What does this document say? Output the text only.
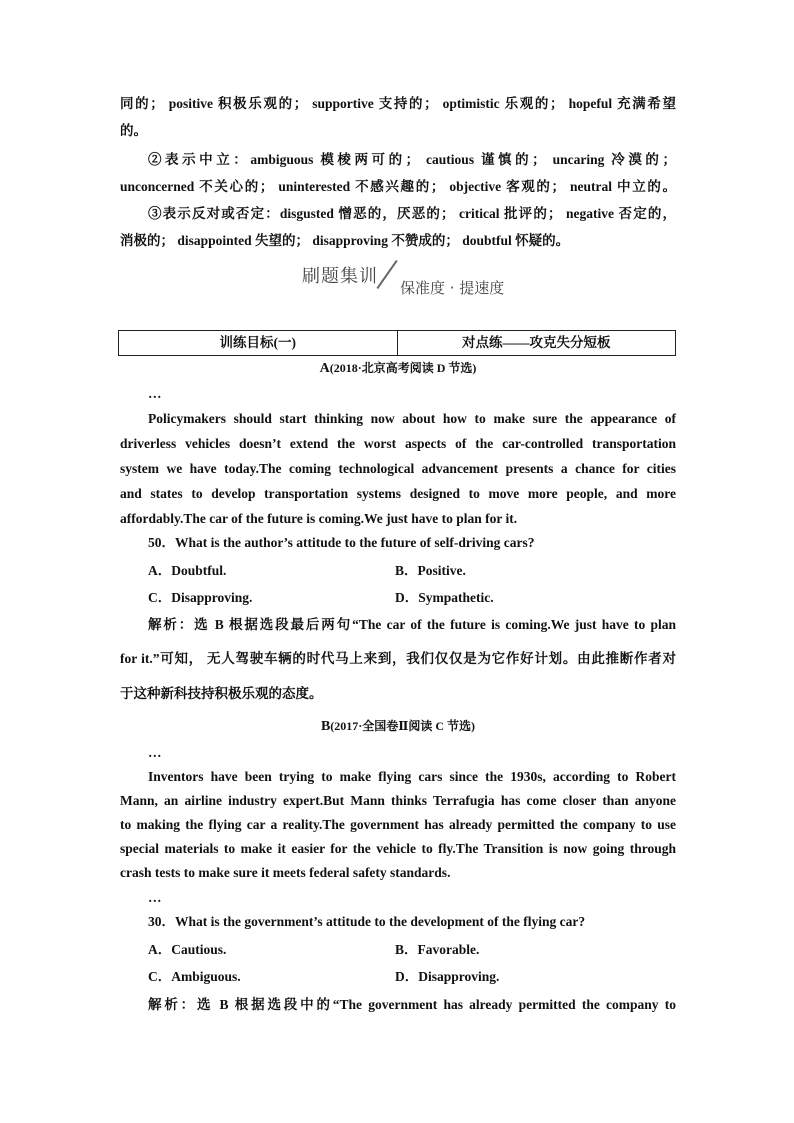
同的； positive 积极乐观的； supportive 支持的； optimistic 乐观的； hopeful 充满希望
的。
②表示中立：ambiguous 模棱两可的； cautious 谨慎的； uncaring 冷漠的；
unconcerned 不关心的； uninterested 不感兴趣的； objective 客观的； neutral 中立的。
③表示反对或否定：disgusted 憎恶的，厌恶的； critical 批评的； negative 否定的，
消极的； disappointed 失望的； disapproving 不赞成的； doubtful 怀疑的。
刷题集训
保准度 · 提速度
训练目标(一)	对点练——攻克失分短板
A(2018·北京高考阅读 D 节选)
…
Policymakers should start thinking now about how to make sure the appearance of
driverless vehicles doesn’t extend the worst aspects of the car-controlled transportation
system we have today.The coming technological advancement presents a chance for cities
and states to develop transportation systems designed to move more people, and more
affordably.The car of the future is coming.We just have to plan for it.
50．What is the author’s attitude to the future of self-driving cars?
A．Doubtful.	B．Positive.
C．Disapproving.	D．Sympathetic.
解析：选 B 根据选段最后两句“The car of the future is coming.We just have to plan
for it.”可知， 无人驾驶车辆的时代马上来到，我们仅仅是为它作好计划。由此推断作者对
于这种新科技持积极乐观的态度。
B(2017·全国卷Ⅱ阅读 C 节选)
…
Inventors have been trying to make flying cars since the 1930s, according to Robert
Mann, an airline industry expert.But Mann thinks Terrafugia has come closer than anyone
to making the flying car a reality.The government has already permitted the company to use
special materials to make it easier for the vehicle to fly.The Transition is now going through
crash tests to make sure it meets federal safety standards.
…
30．What is the government’s attitude to the development of the flying car?
A．Cautious.	B．Favorable.
C．Ambiguous.	D．Disapproving.
解析：选 B 根据选段中的“The government has already permitted the company to
